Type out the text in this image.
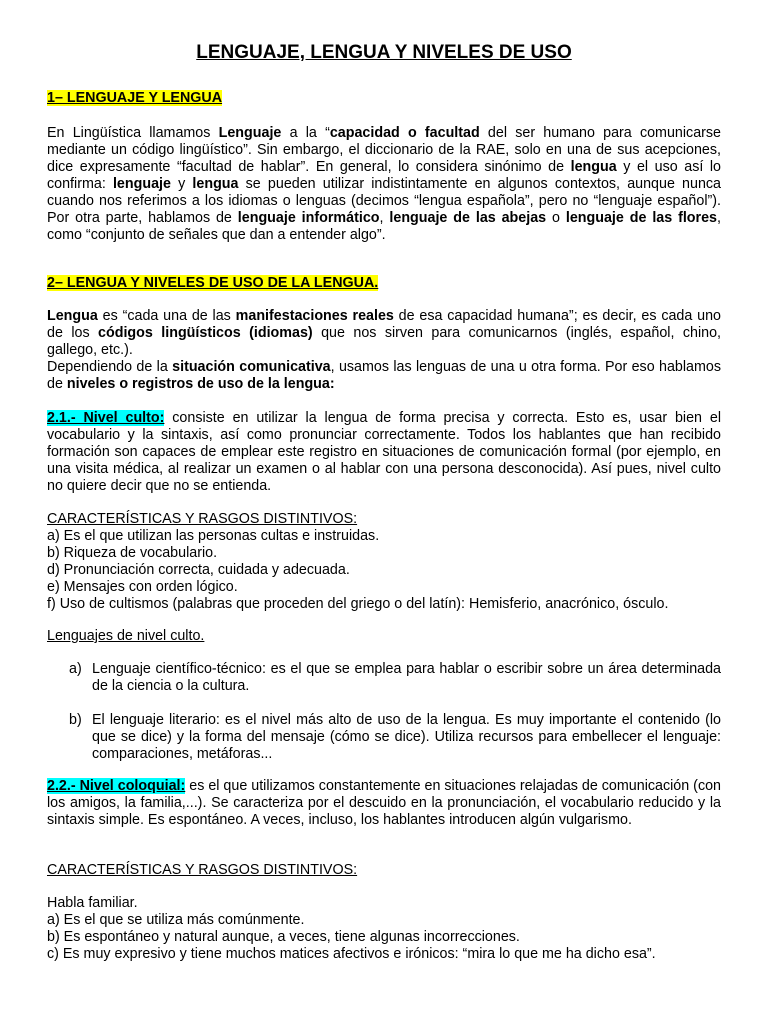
LENGUAJE, LENGUA Y NIVELES DE USO
1– LENGUAJE Y LENGUA

En Lingüística llamamos Lenguaje a la “capacidad o facultad del ser humano para comunicarse mediante un código lingüístico”. Sin embargo, el diccionario de la RAE, solo en una de sus acepciones, dice expresamente “facultad de hablar”. En general, lo considera sinónimo de lengua y el uso así lo confirma: lenguaje y lengua se pueden utilizar indistintamente en algunos contextos, aunque nunca cuando nos referimos a los idiomas o lenguas (decimos “lengua española”, pero no “lenguaje español”). Por otra parte, hablamos de lenguaje informático, lenguaje de las abejas o lenguaje de las flores, como “conjunto de señales que dan a entender algo”.

2– LENGUA Y NIVELES DE USO DE LA LENGUA.

Lengua es “cada una de las manifestaciones reales de esa capacidad humana”; es decir, es cada uno de los códigos lingüísticos (idiomas) que nos sirven para comunicarnos (inglés, español, chino, gallego, etc.).

Dependiendo de la situación comunicativa, usamos las lenguas de una u otra forma. Por eso hablamos de niveles o registros de uso de la lengua:

2.1.- Nivel culto: consiste en utilizar la lengua de forma precisa y correcta. Esto es, usar bien el vocabulario y la sintaxis, así como pronunciar correctamente. Todos los hablantes que han recibido formación son capaces de emplear este registro en situaciones de comunicación formal (por ejemplo, en una visita médica, al realizar un examen o al hablar con una persona desconocida). Así pues, nivel culto no quiere decir que no se entienda.

CARACTERÍSTICAS Y RASGOS DISTINTIVOS:

a) Es el que utilizan las personas cultas e instruidas.

b) Riqueza de vocabulario.

d) Pronunciación correcta, cuidada y adecuada.

e) Mensajes con orden lógico.

f) Uso de cultismos (palabras que proceden del griego o del latín): Hemisferio, anacrónico, ósculo.

Lenguajes de nivel culto.
a) Lenguaje científico-técnico: es el que se emplea para hablar o escribir sobre un área determinada de la ciencia o la cultura.
b) El lenguaje literario: es el nivel más alto de uso de la lengua. Es muy importante el contenido (lo que se dice) y la forma del mensaje (cómo se dice). Utiliza recursos para embellecer el lenguaje: comparaciones, metáforas...

2.2.- Nivel coloquial: es el que utilizamos constantemente en situaciones relajadas de comunicación (con los amigos, la familia,...). Se caracteriza por el descuido en la pronunciación, el vocabulario reducido y la sintaxis simple. Es espontáneo. A veces, incluso, los hablantes introducen algún vulgarismo.

CARACTERÍSTICAS Y RASGOS DISTINTIVOS:

Habla familiar.

a) Es el que se utiliza más comúnmente.

b) Es espontáneo y natural aunque, a veces, tiene algunas incorrecciones.

c) Es muy expresivo y tiene muchos matices afectivos e irónicos: “mira lo que me ha dicho esa”.
